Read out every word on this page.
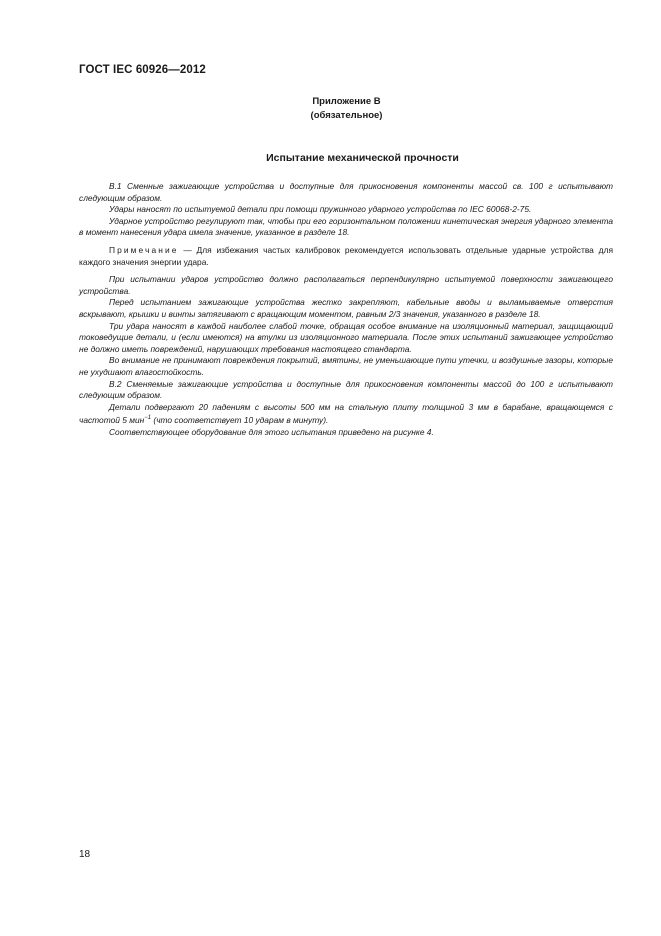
ГОСТ IEC 60926—2012
Приложение В
(обязательное)
Испытание механической прочности

В.1 Сменные зажигающие устройства и доступные для прикосновения компоненты массой св. 100 г испытывают следующим образом.

Удары наносят по испытуемой детали при помощи пружинного ударного устройства по IEC 60068-2-75.

Ударное устройство регулируют так, чтобы при его горизонтальном положении кинетическая энергия ударного элемента в момент нанесения удара имела значение, указанное в разделе 18.

Примечание — Для избежания частых калибровок рекомендуется использовать отдельные ударные устройства для каждого значения энергии удара.

При испытании ударов устройство должно располагаться перпендикулярно испытуемой поверхности зажигающего устройства.

Перед испытанием зажигающие устройства жестко закрепляют, кабельные вводы и выламываемые отверстия вскрывают, крышки и винты затягивают с вращающим моментом, равным 2/3 значения, указанного в разделе 18.

Три удара наносят в каждой наиболее слабой точке, обращая особое внимание на изоляционный материал, защищающий токоведущие детали, и (если имеются) на втулки из изоляционного материала. После этих испытаний зажигающее устройство не должно иметь повреждений, нарушающих требования настоящего стандарта.

Во внимание не принимают повреждения покрытий, вмятины, не уменьшающие пути утечки, и воздушные зазоры, которые не ухудшают влагостойкость.

В.2 Сменяемые зажигающие устройства и доступные для прикосновения компоненты массой до 100 г испытывают следующим образом.

Детали подвергают 20 падениям с высоты 500 мм на стальную плиту толщиной 3 мм в барабане, вращающемся с частотой 5 мин$^{-1}$ (что соответствует 10 ударам в минуту).

Соответствующее оборудование для этого испытания приведено на рисунке 4.

18
